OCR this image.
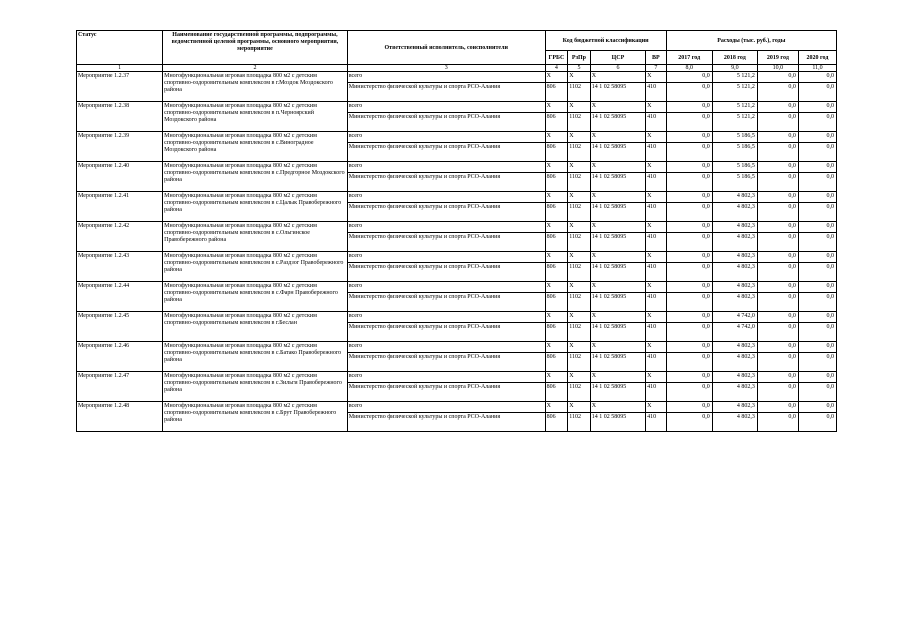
Статус	Наименование государственной программы, подпрограммы, ведомственной целевой программы, основного мероприятия, мероприятие	Ответственный исполнитель, соисполнители	Код бюджетной классификации				Расходы (тыс. руб.), годы			
			ГРБС	РзПр	ЦСР	ВР	2017 год	2018 год	2019 год	2020 год
1	2	3	4	5	6	7	8,0	9,0	10,0	11,0
Мероприятие 1.2.37	Многофункциональная игровая площадка 800 м2 с детским спортивно-оздоровительным комплексом в г.Моздок Моздокского района	всего	X	X	X	X	0,0	5 121,2	0,0	0,0
		Министерство физической культуры и спорта РСО-Алания	806	1102	14 1 02 58095	410	0,0	5 121,2	0,0	0,0
Мероприятие 1.2.38	Многофункциональная игровая площадка 800 м2 с детским спортивно-оздоровительным комплексом в п.Черноярский Моздокского района	всего	X	X	X	X	0,0	5 121,2	0,0	0,0
		Министерство физической культуры и спорта РСО-Алания	806	1102	14 1 02 58095	410	0,0	5 121,2	0,0	0,0
Мероприятие 1.2.39	Многофункциональная игровая площадка 800 м2 с детским спортивно-оздоровительным комплексом в с.Виноградное Моздокского района	всего	X	X	X	X	0,0	5 186,5	0,0	0,0
		Министерство физической культуры и спорта РСО-Алания	806	1102	14 1 02 58095	410	0,0	5 186,5	0,0	0,0
Мероприятие 1.2.40	Многофункциональная игровая площадка 800 м2 с детским спортивно-оздоровительным комплексом в с.Предгорное Моздокского района	всего	X	X	X	X	0,0	5 186,5	0,0	0,0
		Министерство физической культуры и спорта РСО-Алания	806	1102	14 1 02 58095	410	0,0	5 186,5	0,0	0,0
Мероприятие 1.2.41	Многофункциональная игровая площадка 800 м2 с детским спортивно-оздоровительным комплексом в с.Цалык Правобережного района	всего	X	X	X	X	0,0	4 802,3	0,0	0,0
		Министерство физической культуры и спорта РСО-Алания	806	1102	14 1 02 58095	410	0,0	4 802,3	0,0	0,0
Мероприятие 1.2.42	Многофункциональная игровая площадка 800 м2 с детским спортивно-оздоровительным комплексом в с.Ольгинское Правобережного района	всего	X	X	X	X	0,0	4 802,3	0,0	0,0
		Министерство физической культуры и спорта РСО-Алания	806	1102	14 1 02 58095	410	0,0	4 802,3	0,0	0,0
Мероприятие 1.2.43	Многофункциональная игровая площадка 800 м2 с детским спортивно-оздоровительным комплексом в с.Раздзог Правобережного района	всего	X	X	X	X	0,0	4 802,3	0,0	0,0
		Министерство физической культуры и спорта РСО-Алания	806	1102	14 1 02 58095	410	0,0	4 802,3	0,0	0,0
Мероприятие 1.2.44	Многофункциональная игровая площадка 800 м2 с детским спортивно-оздоровительным комплексом в с.Фарн Правобережного района	всего	X	X	X	X	0,0	4 802,3	0,0	0,0
		Министерство физической культуры и спорта РСО-Алания	806	1102	14 1 02 58095	410	0,0	4 802,3	0,0	0,0
Мероприятие 1.2.45	Многофункциональная игровая площадка 800 м2 с детским спортивно-оздоровительным комплексом в г.Беслан	всего	X	X	X	X	0,0	4 742,0	0,0	0,0
		Министерство физической культуры и спорта РСО-Алания	806	1102	14 1 02 58095	410	0,0	4 742,0	0,0	0,0
Мероприятие 1.2.46	Многофункциональная игровая площадка 800 м2 с детским спортивно-оздоровительным комплексом в с.Батако Правобережного района	всего	X	X	X	X	0,0	4 802,3	0,0	0,0
		Министерство физической культуры и спорта РСО-Алания	806	1102	14 1 02 58095	410	0,0	4 802,3	0,0	0,0
Мероприятие 1.2.47	Многофункциональная игровая площадка 800 м2 с детским спортивно-оздоровительным комплексом в с.Зильги Правобережного района	всего	X	X	X	X	0,0	4 802,3	0,0	0,0
		Министерство физической культуры и спорта РСО-Алания	806	1102	14 1 02 58095	410	0,0	4 802,3	0,0	0,0
Мероприятие 1.2.48	Многофункциональная игровая площадка 800 м2 с детским спортивно-оздоровительным комплексом в с.Брут Правобережного района	всего	X	X	X	X	0,0	4 802,3	0,0	0,0
		Министерство физической культуры и спорта РСО-Алания	806	1102	14 1 02 58095	410	0,0	4 802,3	0,0	0,0
